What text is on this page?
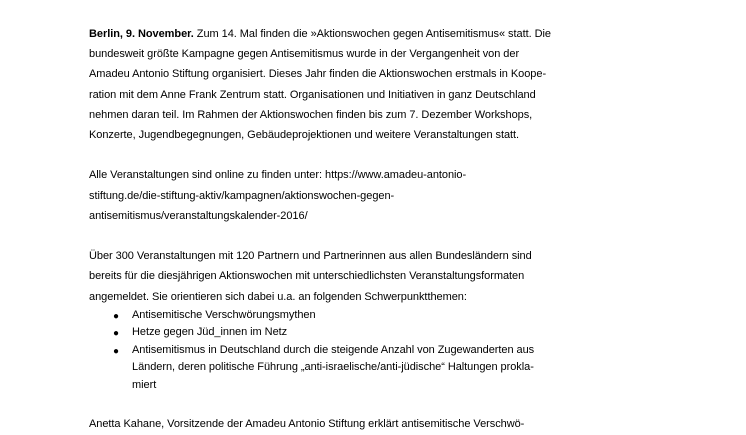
Berlin, 9. November. Zum 14. Mal finden die »Aktionswochen gegen Antisemitismus« statt. Die
bundesweit größte Kampagne gegen Antisemitismus wurde in der Vergangenheit von der
Amadeu Antonio Stiftung organisiert. Dieses Jahr finden die Aktionswochen erstmals in Koope-
ration mit dem Anne Frank Zentrum statt. Organisationen und Initiativen in ganz Deutschland
nehmen daran teil. Im Rahmen der Aktionswochen finden bis zum 7. Dezember Workshops,
Konzerte, Jugendbegegnungen, Gebäudeprojektionen und weitere Veranstaltungen statt.
Alle Veranstaltungen sind online zu finden unter: https://www.amadeu-antonio-
stiftung.de/die-stiftung-aktiv/kampagnen/aktionswochen-gegen-
antisemitismus/veranstaltungskalender-2016/
Über 300 Veranstaltungen mit 120 Partnern und Partnerinnen aus allen Bundesländern sind
bereits für die diesjährigen Aktionswochen mit unterschiedlichsten Veranstaltungsformaten
angemeldet. Sie orientieren sich dabei u.a. an folgenden Schwerpunktthemen:
● Antisemitische Verschwörungsmythen
● Hetze gegen Jüd_innen im Netz
● Antisemitismus in Deutschland durch die steigende Anzahl von Zugewanderten aus
Ländern, deren politische Führung „anti-israelische/anti-jüdische“ Haltungen prokla-
miert
Anetta Kahane, Vorsitzende der Amadeu Antonio Stiftung erklärt antisemitische Verschwö-
